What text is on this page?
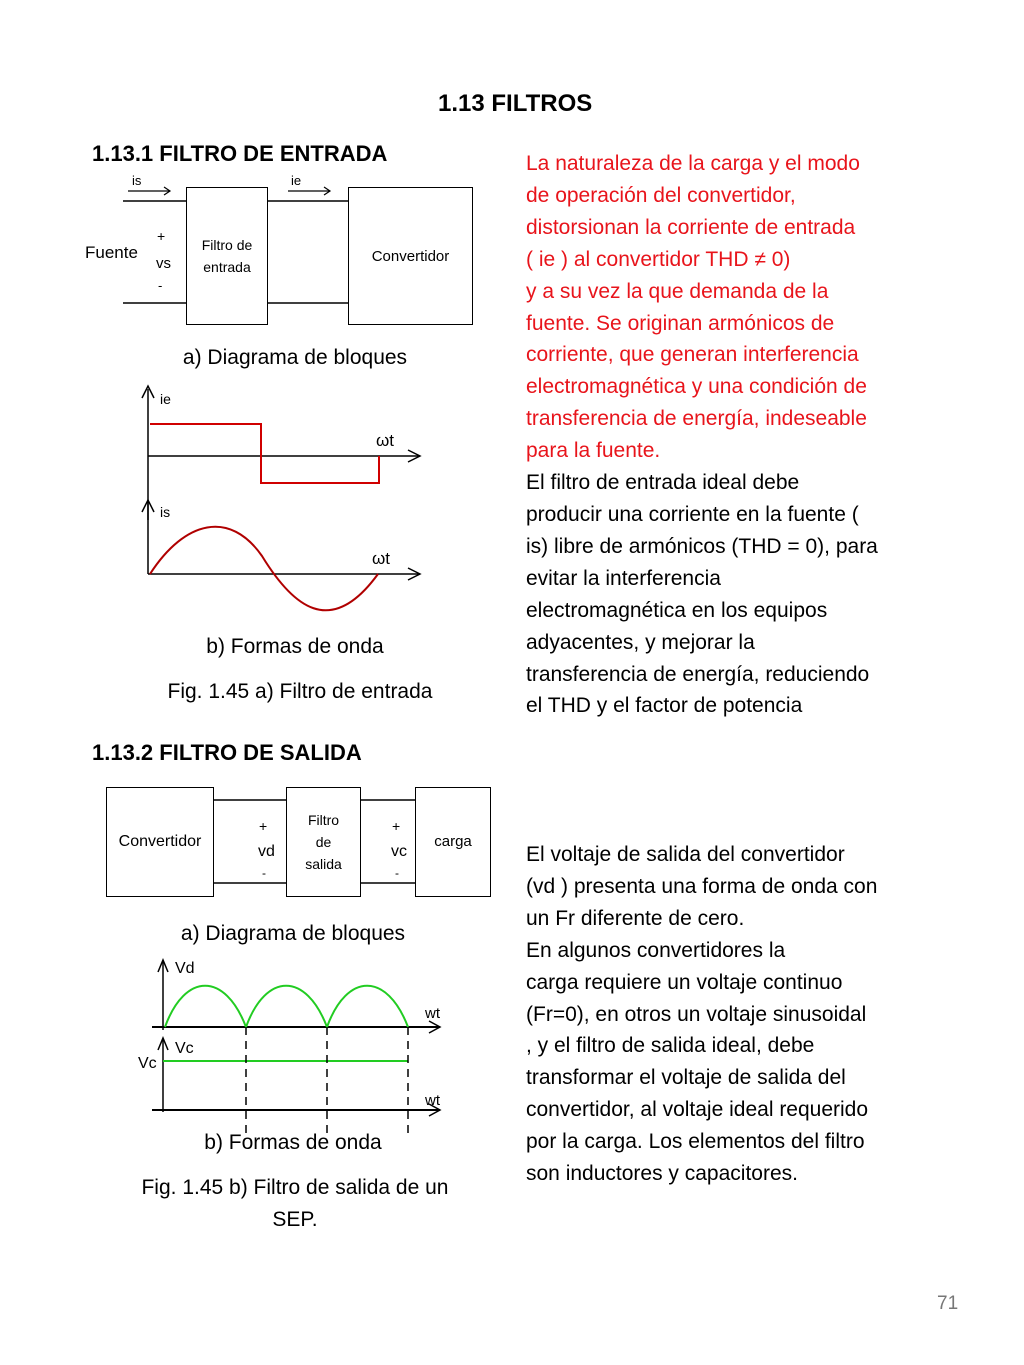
1.13 FILTROS
1.13.1 FILTRO DE ENTRADA
is	ie
Fuente
+
vs
-
Filtro de
entrada
Convertidor
a) Diagrama de bloques
ie
ωt
is
ωt
b) Formas de onda
Fig. 1.45 a) Filtro de entrada
1.13.2 FILTRO DE SALIDA
Convertidor
+
vd
-
Filtro
de
salida
+
vc
-
carga
a) Diagrama de bloques
Vd
wt
Vc
Vc
wt
b) Formas de onda
Fig. 1.45 b) Filtro de salida de un
SEP.

La naturaleza de la carga y el modo

de operación del convertidor,

distorsionan la corriente de entrada

( ie ) al convertidor THD ≠ 0)

y a su vez la que demanda de la

fuente. Se originan armónicos de

corriente, que generan interferencia

electromagnética y una condición de

transferencia de energía, indeseable

para la fuente.

El filtro de entrada ideal debe

producir una corriente en la fuente (

is) libre de armónicos (THD = 0), para

evitar la interferencia

electromagnética en los equipos

adyacentes, y mejorar la

transferencia de energía, reduciendo

el THD y el factor de potencia

El voltaje de salida del convertidor

(vd ) presenta una forma de onda con

un Fr diferente de cero.

En algunos convertidores la

carga requiere un voltaje continuo

(Fr=0), en otros un voltaje sinusoidal

, y el filtro de salida ideal, debe

transformar el voltaje de salida del

convertidor, al voltaje ideal requerido

por la carga. Los elementos del filtro

son inductores y capacitores.

71
